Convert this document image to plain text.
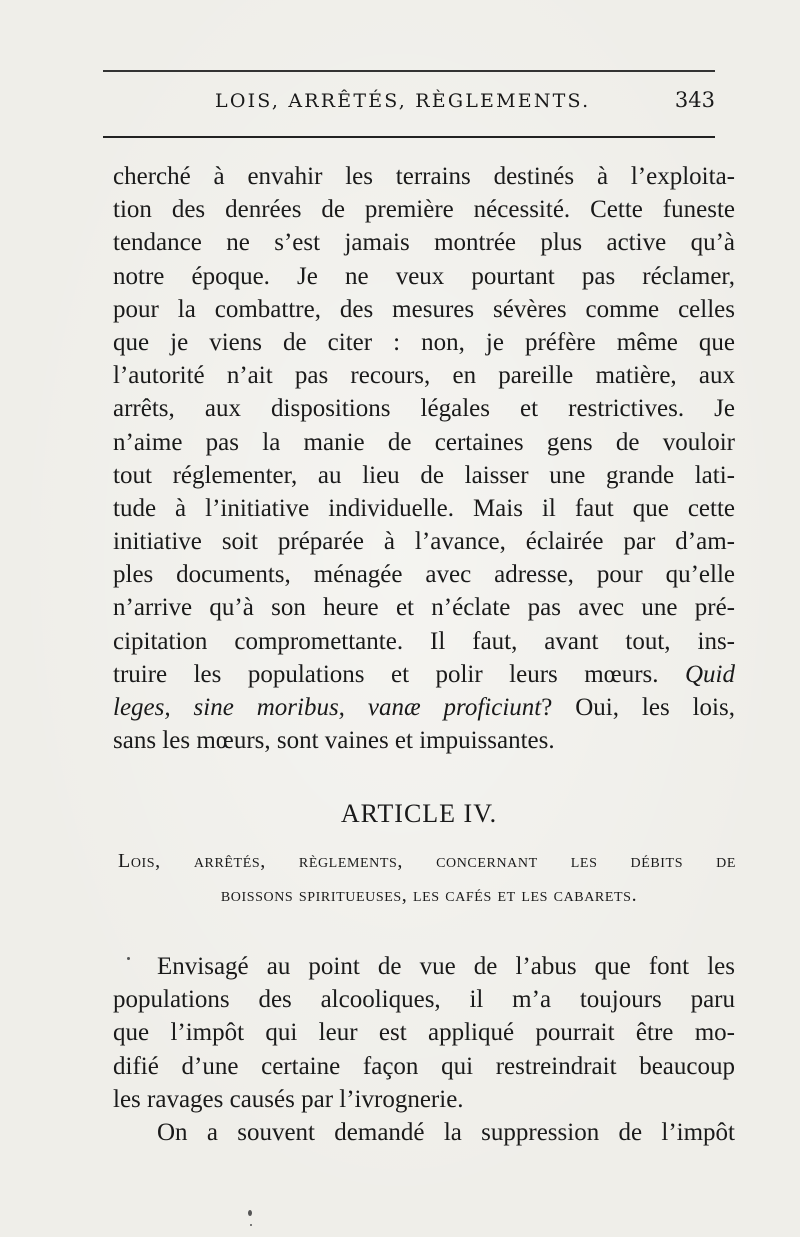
LOIS, ARRÊTÉS, RÈGLEMENTS.	343
cherché à envahir les terrains destinés à l’exploita-
tion des denrées de première nécessité. Cette funeste
tendance ne s’est jamais montrée plus active qu’à
notre époque. Je ne veux pourtant pas réclamer,
pour la combattre, des mesures sévères comme celles
que je viens de citer : non, je préfère même que
l’autorité n’ait pas recours, en pareille matière, aux
arrêts, aux dispositions légales et restrictives. Je
n’aime pas la manie de certaines gens de vouloir
tout réglementer, au lieu de laisser une grande lati-
tude à l’initiative individuelle. Mais il faut que cette
initiative soit préparée à l’avance, éclairée par d’am-
ples documents, ménagée avec adresse, pour qu’elle
n’arrive qu’à son heure et n’éclate pas avec une pré-
cipitation compromettante. Il faut, avant tout, ins-
truire les populations et polir leurs mœurs. Quid
leges, sine moribus, vanæ proficiunt? Oui, les lois,
sans les mœurs, sont vaines et impuissantes.
ARTICLE IV.
Lois, arrêtés, règlements, concernant les débits de
boissons spiritueuses, les cafés et les cabarets.
Envisagé au point de vue de l’abus que font les
populations des alcooliques, il m’a toujours paru
que l’impôt qui leur est appliqué pourrait être mo-
difié d’une certaine façon qui restreindrait beaucoup
les ravages causés par l’ivrognerie.
On a souvent demandé la suppression de l’impôt
